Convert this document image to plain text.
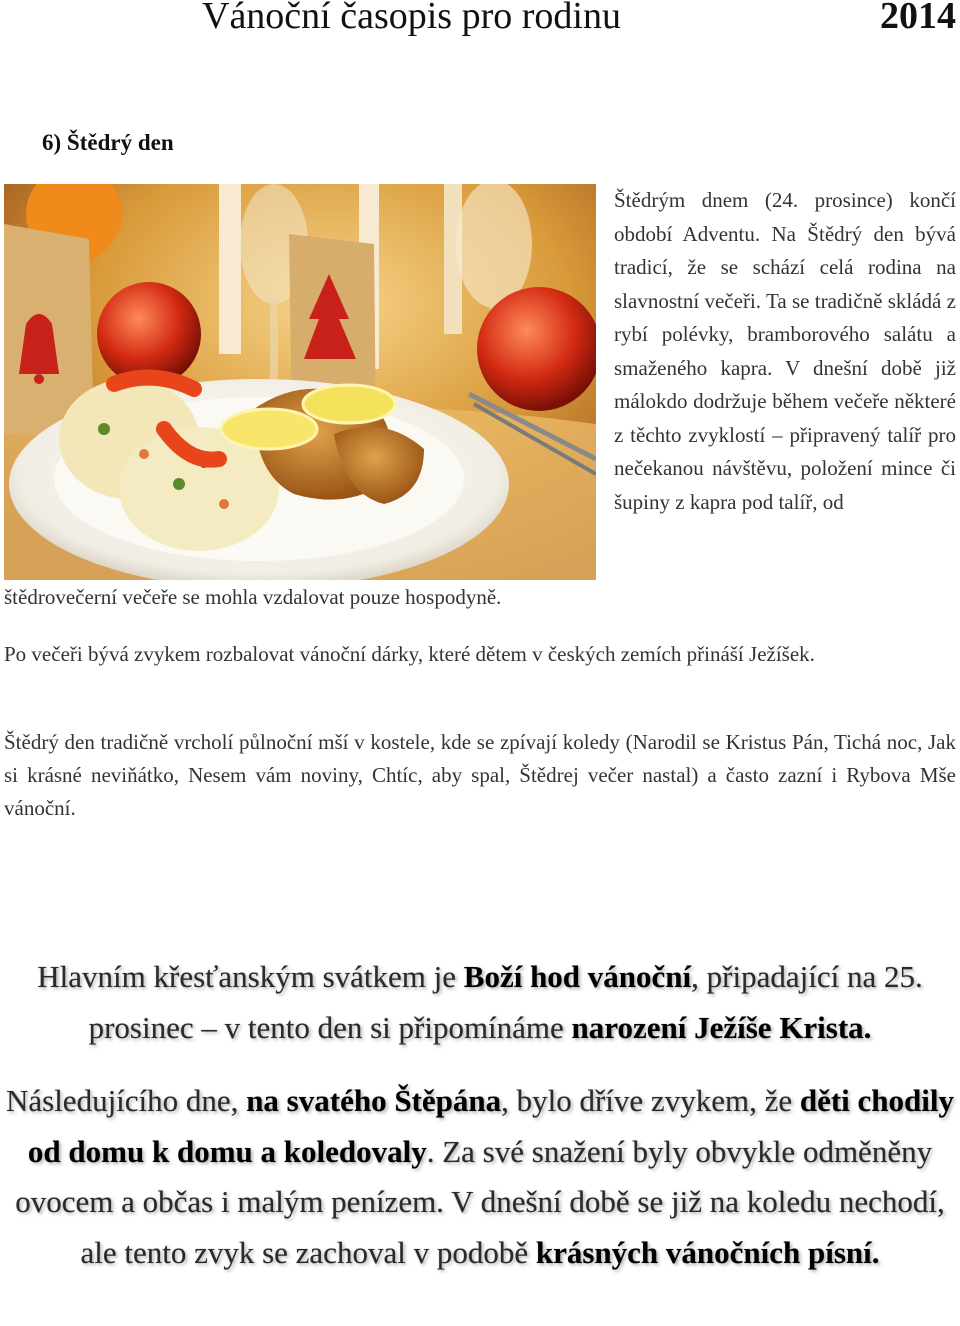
Vánoční časopis pro rodinu	2014
6) Štědrý den
Štědrým dnem (24. prosince) končí období Adventu. Na Štědrý den bývá tradicí, že se schází celá rodina na slavnostní večeři. Ta se tradičně skládá z rybí polévky, bramborového salátu a smaženého kapra. V dnešní době již málokdo dodržuje během večeře některé z těchto zvyklostí – připravený talíř pro nečekanou návštěvu, položení mince či šupiny z kapra pod talíř, od
štědrovečerní večeře se mohla vzdalovat pouze hospodyně.
Po večeři bývá zvykem rozbalovat vánoční dárky, které dětem v českých zemích přináší Ježíšek.
Štědrý den tradičně vrcholí půlnoční mší v kostele, kde se zpívají koledy (Narodil se Kristus Pán, Tichá noc, Jak si krásné neviňátko, Nesem vám noviny, Chtíc, aby spal, Štědrej večer nastal) a často zazní i Rybova Mše vánoční.
Hlavním křesťanským svátkem je Boží hod vánoční, připadající na 25. prosinec – v tento den si připomínáme narození Ježíše Krista.
Následujícího dne, na svatého Štěpána, bylo dříve zvykem, že děti chodily od domu k domu a koledovaly. Za své snažení byly obvykle odměněny ovocem a občas i malým penízem. V dnešní době se již na koledu nechodí, ale tento zvyk se zachoval v podobě krásných vánočních písní.
